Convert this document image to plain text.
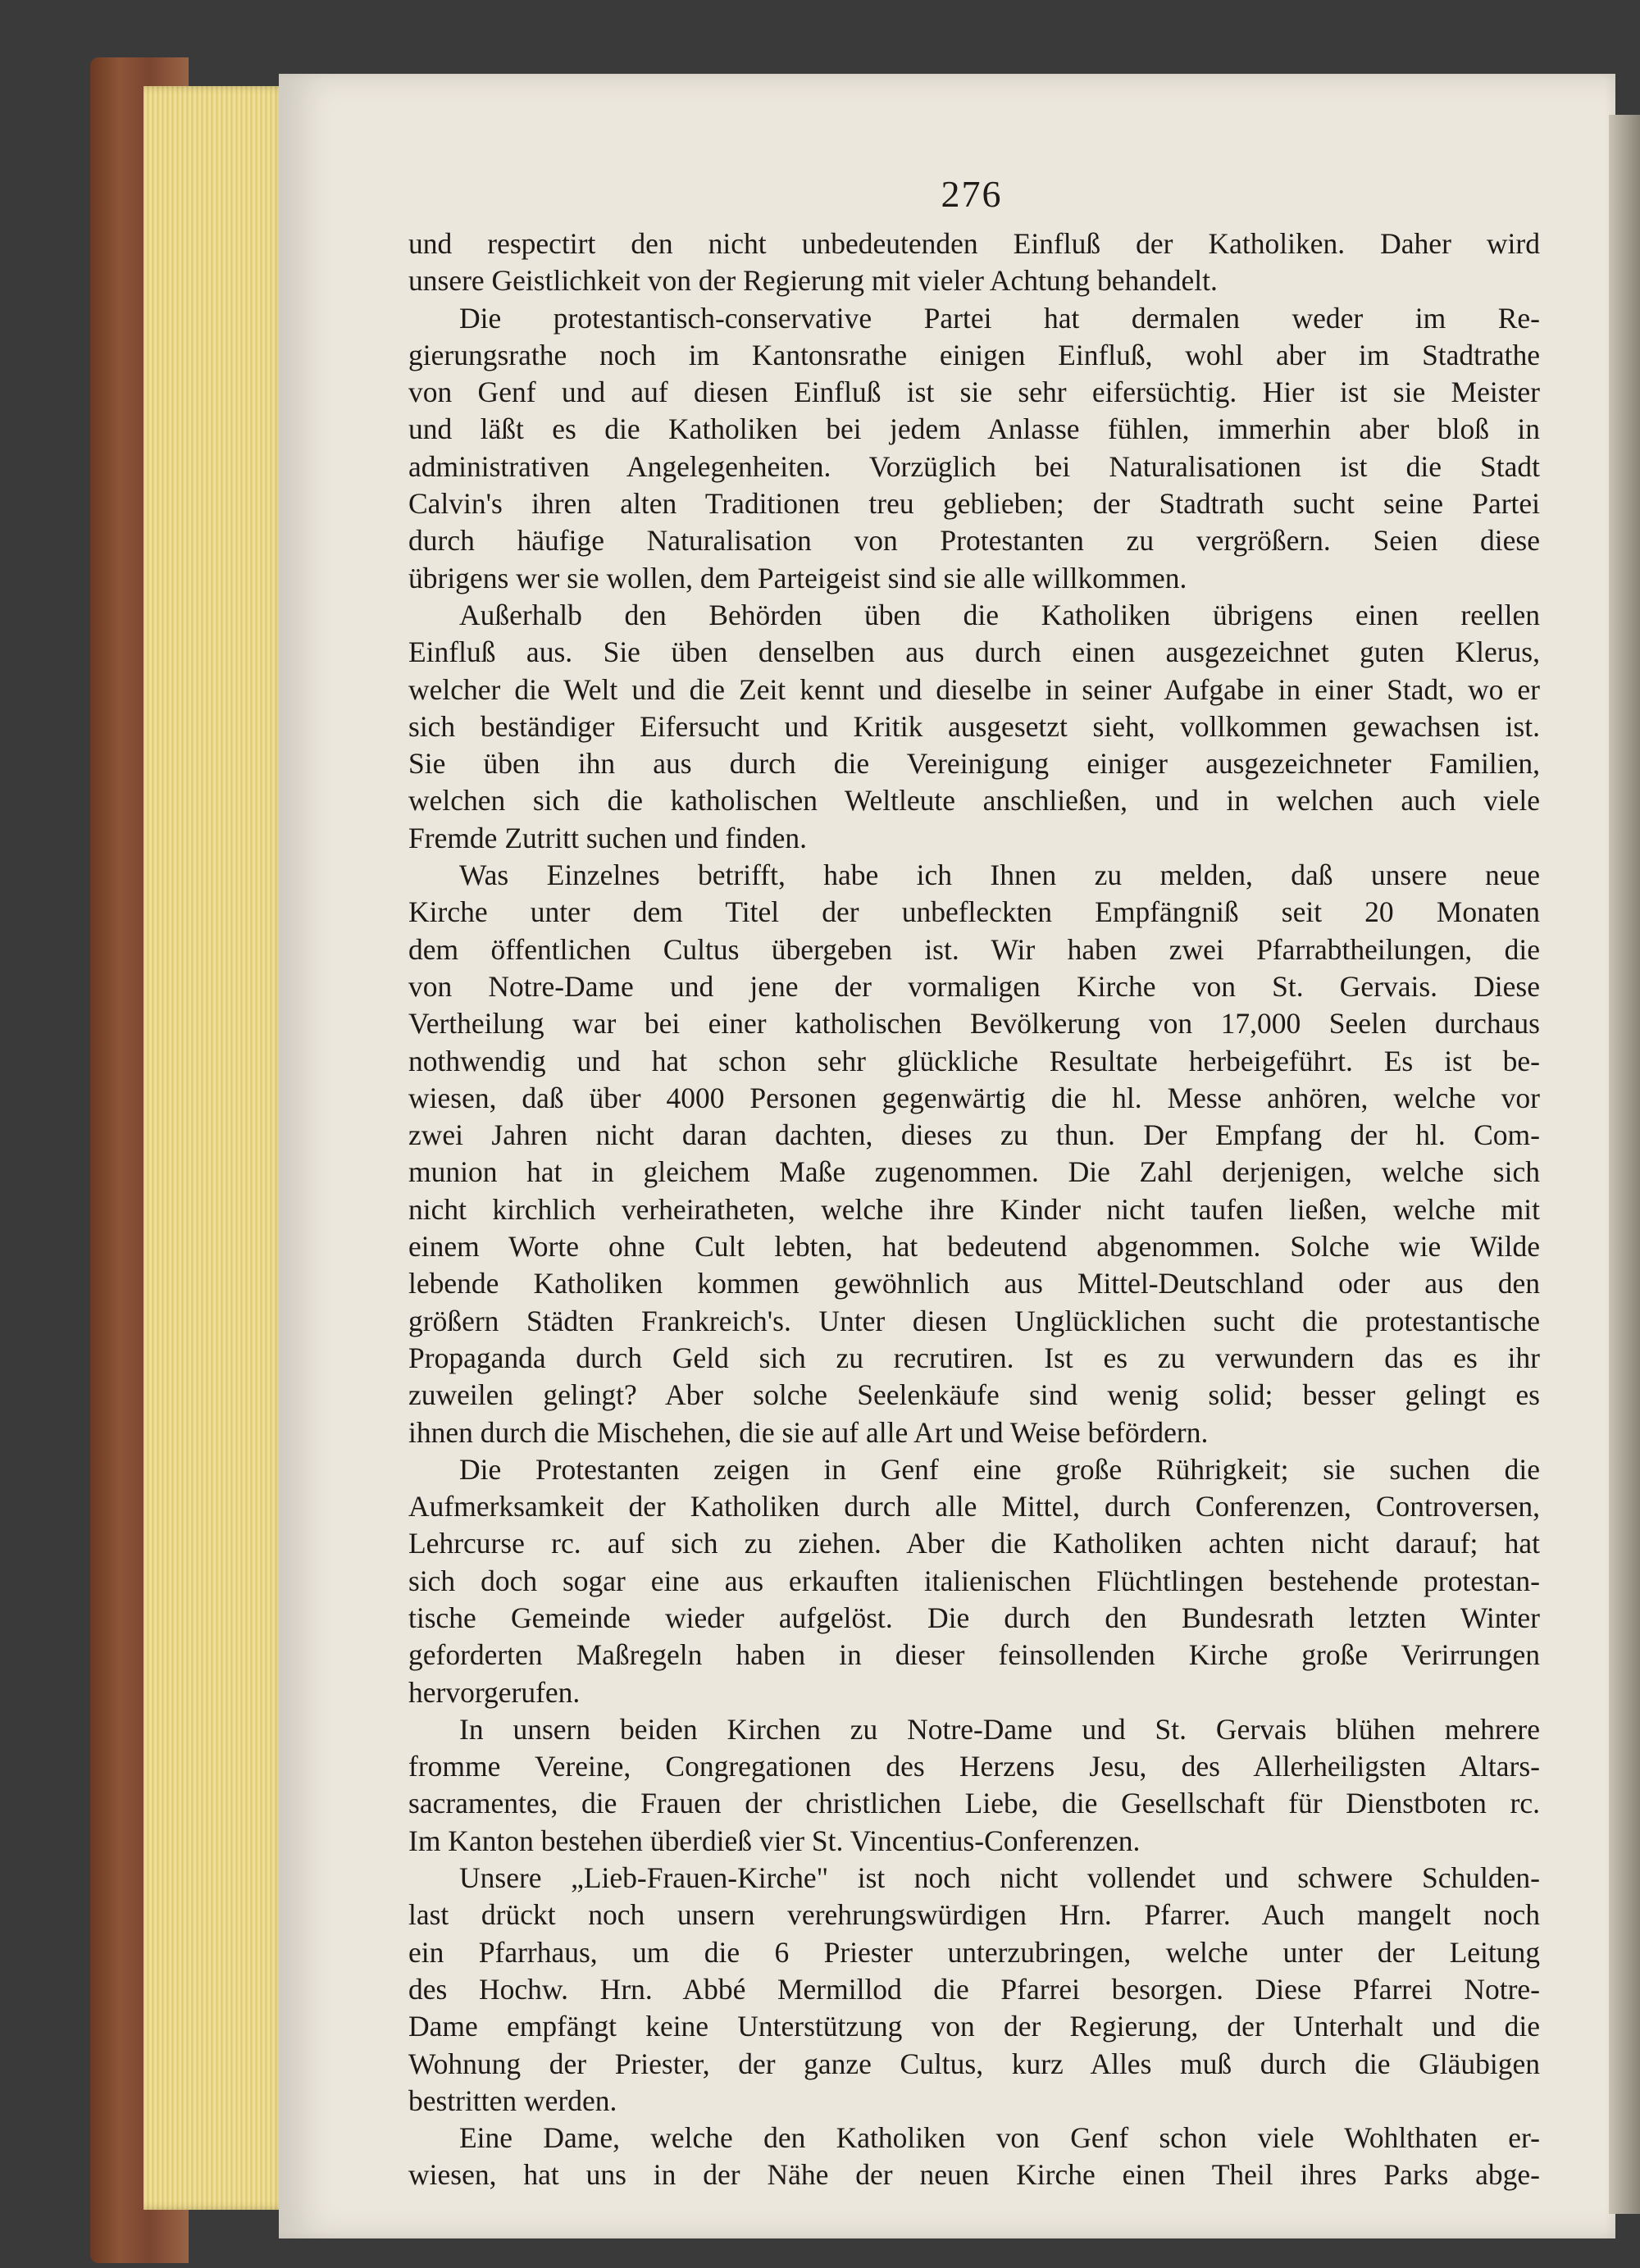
276
und respectirt den nicht unbedeutenden Einfluß der Katholiken. Daher wird
unsere Geistlichkeit von der Regierung mit vieler Achtung behandelt.
Die protestantisch-conservative Partei hat dermalen weder im Re-
gierungsrathe noch im Kantonsrathe einigen Einfluß, wohl aber im Stadtrathe
von Genf und auf diesen Einfluß ist sie sehr eifersüchtig. Hier ist sie Meister
und läßt es die Katholiken bei jedem Anlasse fühlen, immerhin aber bloß in
administrativen Angelegenheiten. Vorzüglich bei Naturalisationen ist die Stadt
Calvin's ihren alten Traditionen treu geblieben; der Stadtrath sucht seine Partei
durch häufige Naturalisation von Protestanten zu vergrößern. Seien diese
übrigens wer sie wollen, dem Parteigeist sind sie alle willkommen.
Außerhalb den Behörden üben die Katholiken übrigens einen reellen
Einfluß aus. Sie üben denselben aus durch einen ausgezeichnet guten Klerus,
welcher die Welt und die Zeit kennt und dieselbe in seiner Aufgabe in einer Stadt, wo er
sich beständiger Eifersucht und Kritik ausgesetzt sieht, vollkommen gewachsen ist.
Sie üben ihn aus durch die Vereinigung einiger ausgezeichneter Familien,
welchen sich die katholischen Weltleute anschließen, und in welchen auch viele
Fremde Zutritt suchen und finden.
Was Einzelnes betrifft, habe ich Ihnen zu melden, daß unsere neue
Kirche unter dem Titel der unbefleckten Empfängniß seit 20 Monaten
dem öffentlichen Cultus übergeben ist. Wir haben zwei Pfarrabtheilungen, die
von Notre-Dame und jene der vormaligen Kirche von St. Gervais. Diese
Vertheilung war bei einer katholischen Bevölkerung von 17,000 Seelen durchaus
nothwendig und hat schon sehr glückliche Resultate herbeigeführt. Es ist be-
wiesen, daß über 4000 Personen gegenwärtig die hl. Messe anhören, welche vor
zwei Jahren nicht daran dachten, dieses zu thun. Der Empfang der hl. Com-
munion hat in gleichem Maße zugenommen. Die Zahl derjenigen, welche sich
nicht kirchlich verheiratheten, welche ihre Kinder nicht taufen ließen, welche mit
einem Worte ohne Cult lebten, hat bedeutend abgenommen. Solche wie Wilde
lebende Katholiken kommen gewöhnlich aus Mittel-Deutschland oder aus den
größern Städten Frankreich's. Unter diesen Unglücklichen sucht die protestantische
Propaganda durch Geld sich zu recrutiren. Ist es zu verwundern das es ihr
zuweilen gelingt? Aber solche Seelenkäufe sind wenig solid; besser gelingt es
ihnen durch die Mischehen, die sie auf alle Art und Weise befördern.
Die Protestanten zeigen in Genf eine große Rührigkeit; sie suchen die
Aufmerksamkeit der Katholiken durch alle Mittel, durch Conferenzen, Controversen,
Lehrcurse rc. auf sich zu ziehen. Aber die Katholiken achten nicht darauf; hat
sich doch sogar eine aus erkauften italienischen Flüchtlingen bestehende protestan-
tische Gemeinde wieder aufgelöst. Die durch den Bundesrath letzten Winter
geforderten Maßregeln haben in dieser feinsollenden Kirche große Verirrungen
hervorgerufen.
In unsern beiden Kirchen zu Notre-Dame und St. Gervais blühen mehrere
fromme Vereine, Congregationen des Herzens Jesu, des Allerheiligsten Altars-
sacramentes, die Frauen der christlichen Liebe, die Gesellschaft für Dienstboten rc.
Im Kanton bestehen überdieß vier St. Vincentius-Conferenzen.
Unsere „Lieb-Frauen-Kirche" ist noch nicht vollendet und schwere Schulden-
last drückt noch unsern verehrungswürdigen Hrn. Pfarrer. Auch mangelt noch
ein Pfarrhaus, um die 6 Priester unterzubringen, welche unter der Leitung
des Hochw. Hrn. Abbé Mermillod die Pfarrei besorgen. Diese Pfarrei Notre-
Dame empfängt keine Unterstützung von der Regierung, der Unterhalt und die
Wohnung der Priester, der ganze Cultus, kurz Alles muß durch die Gläubigen
bestritten werden.
Eine Dame, welche den Katholiken von Genf schon viele Wohlthaten er-
wiesen, hat uns in der Nähe der neuen Kirche einen Theil ihres Parks abge-
